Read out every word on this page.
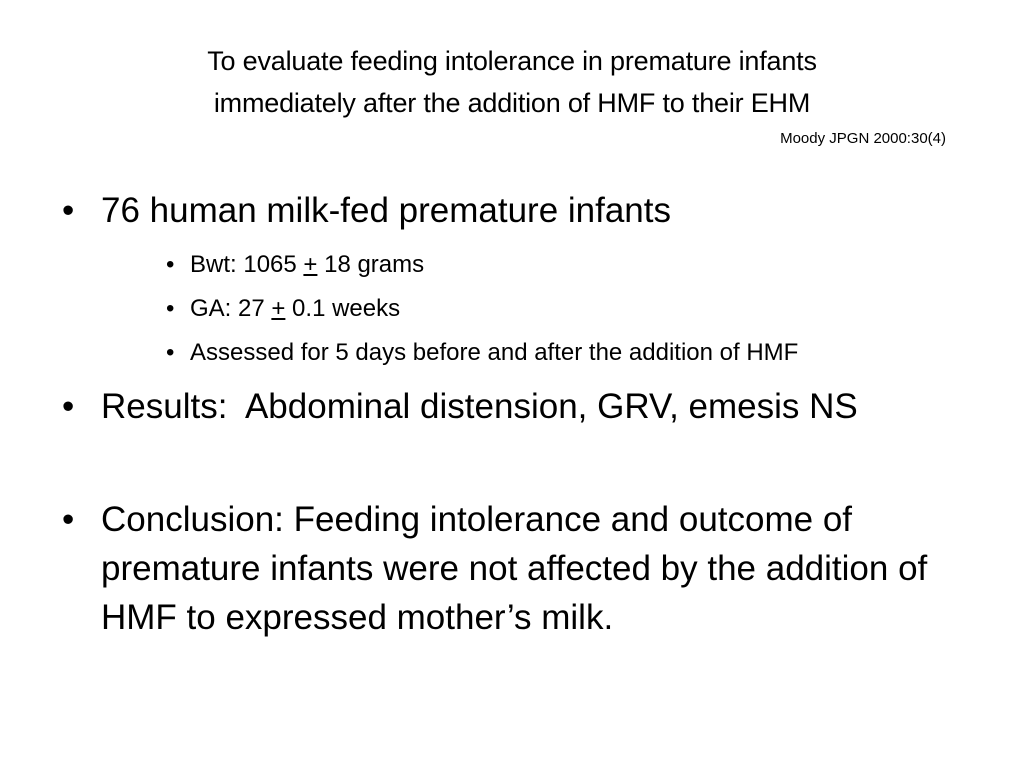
To evaluate feeding intolerance in premature infants
immediately after the addition of HMF to their EHM
Moody JPGN 2000:30(4)
• 76 human milk-fed premature infants
• Bwt: 1065 + 18 grams
• GA: 27 + 0.1 weeks
• Assessed for 5 days before and after the addition of HMF
• Results:  Abdominal distension, GRV, emesis NS
• Conclusion: Feeding intolerance and outcome of premature infants were not affected by the addition of HMF to expressed mother’s milk.
